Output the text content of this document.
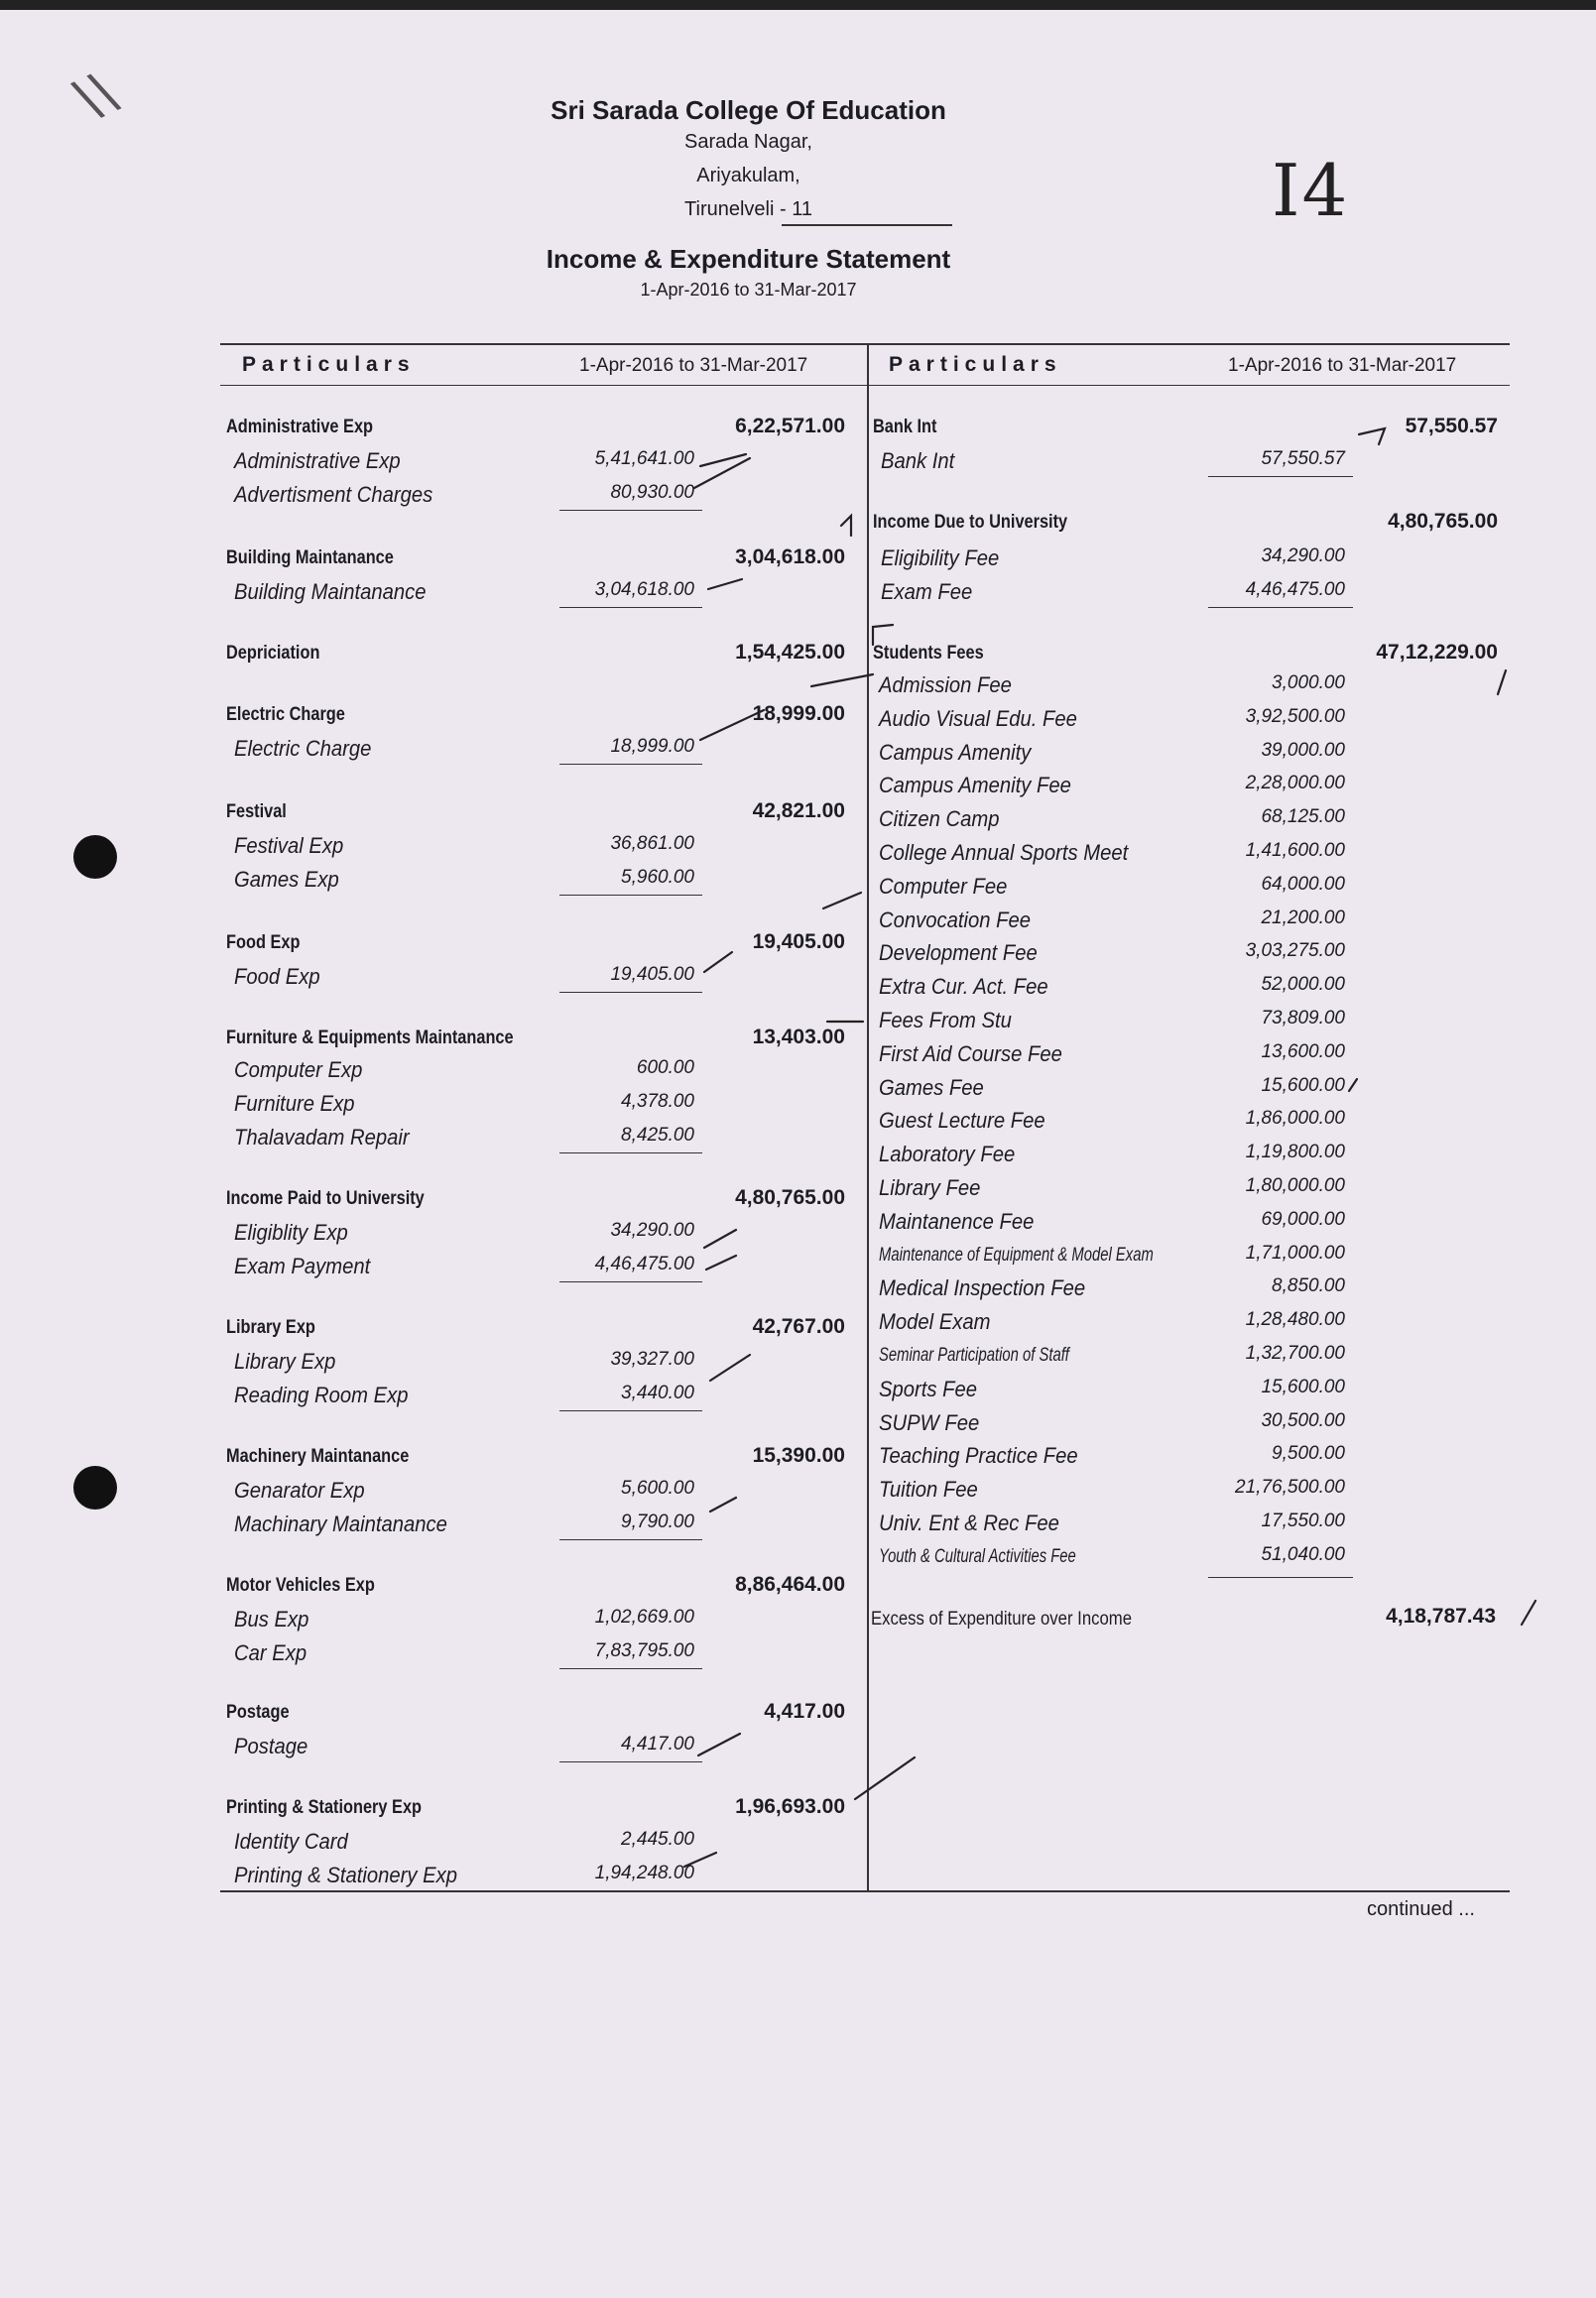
\\
I4
Sri Sarada College Of Education
Sarada Nagar,
Ariyakulam,
Tirunelveli - 11
Income & Expenditure Statement
1-Apr-2016 to 31-Mar-2017
Particulars	1-Apr-2016 to 31-Mar-2017	Particulars	1-Apr-2016 to 31-Mar-2017
Administrative Exp	6,22,571.00
Administrative Exp	5,41,641.00
Advertisment Charges	80,930.00
Building Maintanance	3,04,618.00
Building Maintanance	3,04,618.00
Depriciation	1,54,425.00
Electric Charge	18,999.00
Electric Charge	18,999.00
Festival	42,821.00
Festival Exp	36,861.00
Games Exp	5,960.00
Food Exp	19,405.00
Food Exp	19,405.00
Furniture & Equipments Maintanance	13,403.00
Computer Exp	600.00
Furniture Exp	4,378.00
Thalavadam Repair	8,425.00
Income Paid to University	4,80,765.00
Eligiblity Exp	34,290.00
Exam Payment	4,46,475.00
Library Exp	42,767.00
Library Exp	39,327.00
Reading Room Exp	3,440.00
Machinery Maintanance	15,390.00
Genarator Exp	5,600.00
Machinary Maintanance	9,790.00
Motor Vehicles Exp	8,86,464.00
Bus Exp	1,02,669.00
Car Exp	7,83,795.00
Postage	4,417.00
Postage	4,417.00
Printing & Stationery Exp	1,96,693.00
Identity Card	2,445.00
Printing & Stationery Exp	1,94,248.00
Bank Int	57,550.57
Bank Int	57,550.57
Income Due to University	4,80,765.00
Eligibility Fee	34,290.00
Exam Fee	4,46,475.00
Students Fees	47,12,229.00
Admission Fee	3,000.00
Audio Visual Edu. Fee	3,92,500.00
Campus Amenity	39,000.00
Campus Amenity Fee	2,28,000.00
Citizen Camp	68,125.00
College Annual Sports Meet	1,41,600.00
Computer Fee	64,000.00
Convocation Fee	21,200.00
Development Fee	3,03,275.00
Extra Cur. Act. Fee	52,000.00
Fees From Stu	73,809.00
First Aid Course Fee	13,600.00
Games Fee	15,600.00
Guest Lecture Fee	1,86,000.00
Laboratory Fee	1,19,800.00
Library Fee	1,80,000.00
Maintanence Fee	69,000.00
Maintenance of Equipment & Model Exam	1,71,000.00
Medical Inspection Fee	8,850.00
Model Exam	1,28,480.00
Seminar Participation of Staff	1,32,700.00
Sports Fee	15,600.00
SUPW Fee	30,500.00
Teaching Practice Fee	9,500.00
Tuition Fee	21,76,500.00
Univ. Ent & Rec Fee	17,550.00
Youth & Cultural Activities Fee	51,040.00
Excess of Expenditure over Income	4,18,787.43
continued ...
